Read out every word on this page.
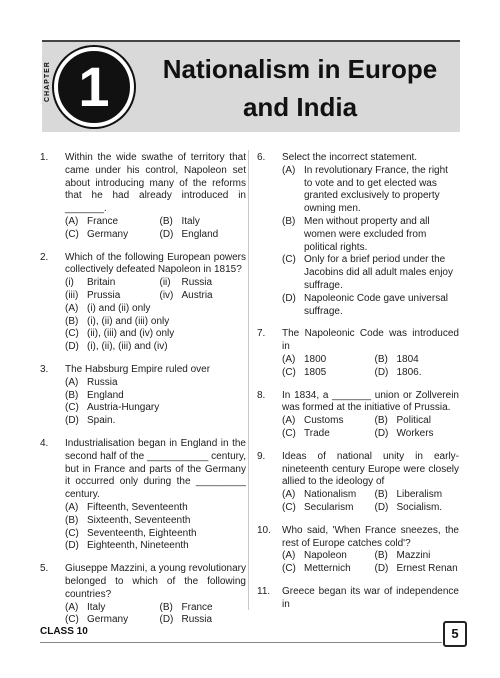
CHAPTER 1	Nationalism in Europe
and India
1. Within the wide swathe of territory that came under his control, Napoleon set about introducing many of the reforms that he had already introduced in _______.
(A) France	(B) Italy
(C) Germany	(D) England
2. Which of the following European powers collectively defeated Napoleon in 1815?
(i) Britain	(ii) Russia
(iii) Prussia	(iv) Austria
(A) (i) and (ii) only
(B) (i), (ii) and (iii) only
(C) (ii), (iii) and (iv) only
(D) (i), (ii), (iii) and (iv)
3. The Habsburg Empire ruled over
(A) Russia
(B) England
(C) Austria-Hungary
(D) Spain.
4. Industrialisation began in England in the second half of the ___________ century, but in France and parts of the Germany it occurred only during the _________ century.
(A) Fifteenth, Seventeenth
(B) Sixteenth, Seventeenth
(C) Seventeenth, Eighteenth
(D) Eighteenth, Nineteenth
5. Giuseppe Mazzini, a young revolutionary belonged to which of the following countries?
(A) Italy	(B) France
(C) Germany	(D) Russia
6. Select the incorrect statement.
(A) In revolutionary France, the right to vote and to get elected was granted exclusively to property owning men.
(B) Men without property and all women were excluded from political rights.
(C) Only for a brief period under the Jacobins did all adult males enjoy suffrage.
(D) Napoleonic Code gave universal suffrage.
7. The Napoleonic Code was introduced in
(A) 1800	(B) 1804
(C) 1805	(D) 1806.
8. In 1834, a _______ union or Zollverein was formed at the initiative of Prussia.
(A) Customs	(B) Political
(C) Trade	(D) Workers
9. Ideas of national unity in early-nineteenth century Europe were closely allied to the ideology of
(A) Nationalism	(B) Liberalism
(C) Secularism	(D) Socialism.
10. Who said, 'When France sneezes, the rest of Europe catches cold'?
(A) Napoleon	(B) Mazzini
(C) Metternich	(D) Ernest Renan
11. Greece began its war of independence in
CLASS 10	5
